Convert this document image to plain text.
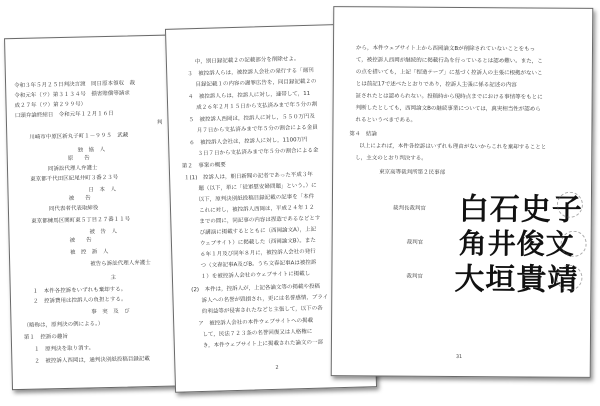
令和３年５月２５日判決言渡　同日原本領収　裁
令和元年（ワ）第３１３４号　損害賠償等請求
成２７年（ワ）第２９９号）
口頭弁論終結日　令和元年１２月１６日
判
川崎市中原区新丸子町１－９９５　武藏
独　協　人
原　　告
同訴訟代理人弁護士
東京都千代田区紀尾井町３番２３号
日　本　人
被　　告
同代表者代表取締役
東京都練馬区関町東５丁目２７番１１号
被　告　人
被　　告
被　控　訴　人
被告ら訴訟代理人弁護士
主
１　本件各控訴をいずれも棄却する。
２　控訴費用は控訴人の負担とする。
事　実　及　び
（略称は，原判決の例による。）
第１　控訴の趣旨
１　原判決を取り消す。
２　被控訴人西岡は，通判決別紙投稿目録記載
中，別日録記載２の記載部分を削除せよ。
３　被控訴人らは，被控訴人会社の発行する「週刊
目録記載１の内容の謝罪広告を，同目録記載２の
４　被控訴人らは，控訴人に対し，連帯して，11
成２６年２月１５日から支払済みまで年５分の割
５　被控訴人西岡は，控訴人に対し，５５０万円及
月７日から支払済みまで年５分の割合による金員
６　被控訴人会社は，控訴人に対し，1100万円
３日７日から支払済みまで年５分の割合による金
第２　事案の概要
１(1)　控訴人は，朝日新聞の記者であった平成３年
題（以下，単に「従軍慰安婦問題」という。）に
以下，原判決別紙投稿目録記載の記事を「本件
これに対し，被控訴人西岡は，平成２４年１２
までの間に，同記事の内容は捏造であるなどとす
び講演に掲載するとともに（西岡論文A），上記
ウェブサイト）に掲載した（西岡論文B）。また
６年１月及び同年８月に，被控訴人会社の発行
つ（文春記事A及びB。うち文春記事Aは被控訴
１）を被控訴人会社のウェブサイトに掲載し
(2)　本件は，控訴人が，上記各論文等の掲載や投稿
訴人への名誉が毀損され，更には名誉感情，プライ
約利益等が侵害されたなどと主張して，以下の各
ア　被控訴人会社の本件ウェブサイトへの掲載
して，民法７２３条の名誉回復又は人格権に
き，本件ウェブサイト上に掲載された論文の一部
2
から，本件ウェブサイト上から西岡論文Bが削除されていないことをもっ
て，被控訴人西岡が継続的に掲載行為を行っているとは認め難い。また，こ
の点を措いても，上記「捏造テープ」に基づく控訴人の主張に根拠がないこ
とは前記17で述べたとおりであり，控訴人主張に係る記述の内容
証されたとは認められない。投稿時から現時点までにおける事情等をもとに
判断したとしても，西岡論文Bの継続事業については，真実相当性が認めら
れるというべきである。
第４　結論
以上によれば，本件各控訴はいずれも理由がないからこれを棄却することと
し，主文のとおり判決する。
東京高等裁判所第２民事部
裁判長裁判官 白石史子
裁判官 角井俊文
裁判官 大垣貴靖
31
